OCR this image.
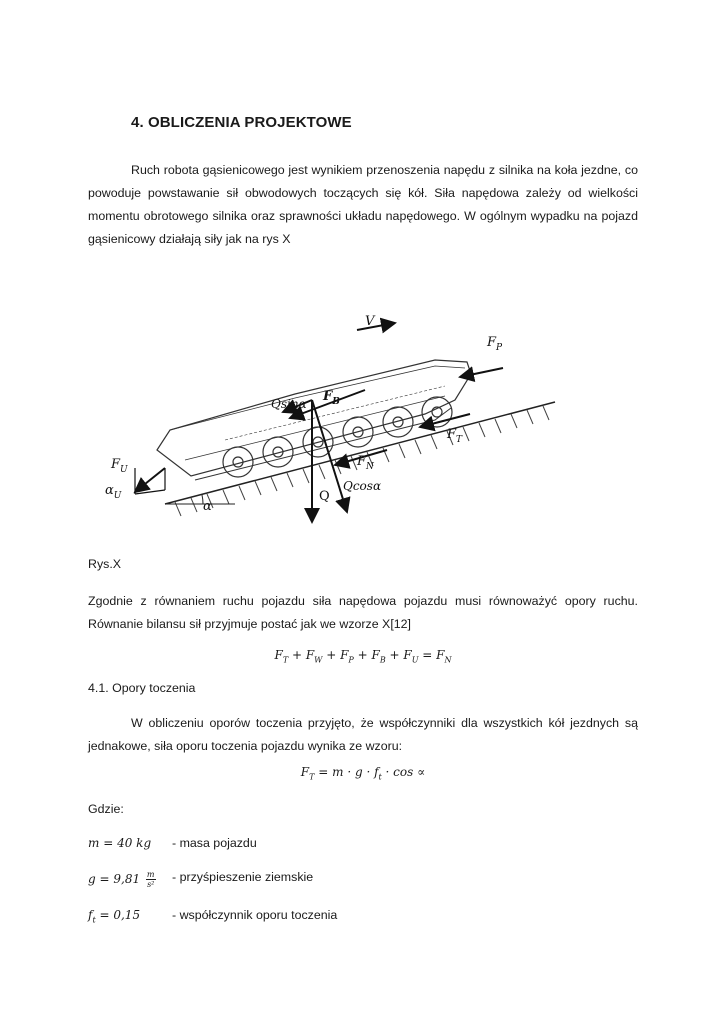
4. OBLICZENIA PROJEKTOWE
Ruch robota gąsienicowego jest wynikiem przenoszenia napędu z silnika na koła jezdne, co powoduje powstawanie sił obwodowych toczących się kół. Siła napędowa zależy od wielkości momentu obrotowego silnika oraz sprawności układu napędowego. W ogólnym wypadku na pojazd gąsienicowy działają siły jak na rys X
V
$F_P$
$F_B$
Qsinα
$F_T$
$F_N$
$F_U$
$\alpha_U$	Q
Qcosα
α
Rys.X
Zgodnie z równaniem ruchu pojazdu siła napędowa pojazdu musi równoważyć opory ruchu. Równanie bilansu sił przyjmuje postać jak we wzorze X[12]
$F_T + F_W + F_P + F_B + F_U = F_N$
4.1. Opory toczenia
W obliczeniu oporów toczenia przyjęto, że współczynniki dla wszystkich kół jezdnych są jednakowe, siła oporu toczenia pojazdu wynika ze wzoru:
$F_T = m \cdot g \cdot f_t \cdot \cos$ ∝
Gdzie:
m = 40 kg	- masa pojazdu
$g = 9,81 \frac{m}{\text{s²}}$ - przyśpieszenie ziemskie
$f_t = 0,15$	- współczynnik oporu toczenia
